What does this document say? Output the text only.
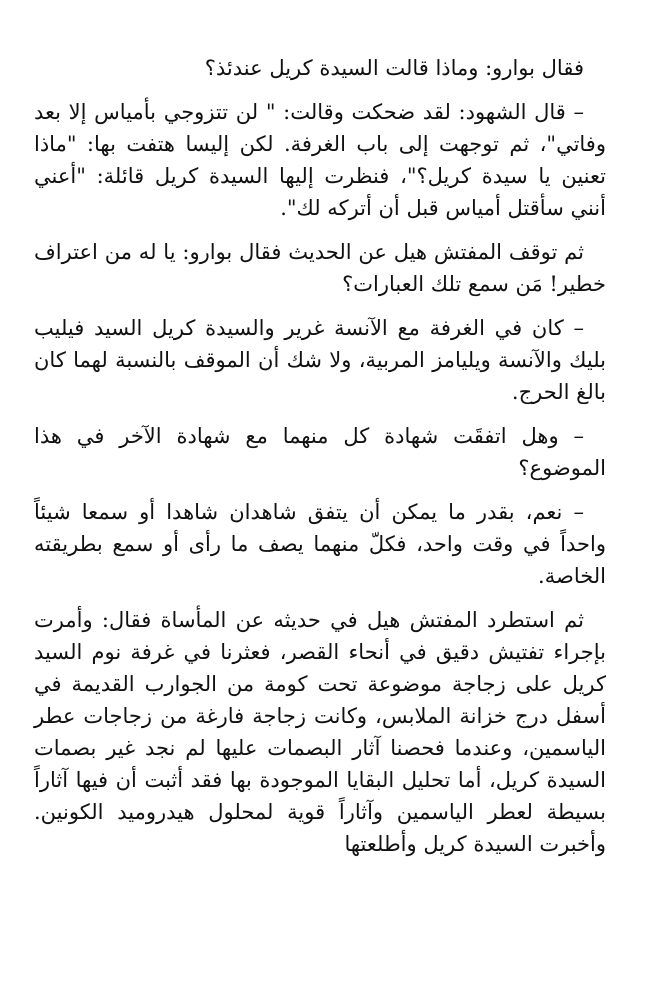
فقال بوارو: وماذا قالت السيدة كريل عندئذ؟

– قال الشهود: لقد ضحكت وقالت: " لن تتزوجي بأمياس إلا بعد وفاتي"، ثم توجهت إلى باب الغرفة. لكن إليسا هتفت بها: "ماذا تعنين يا سيدة كريل؟"، فنظرت إليها السيدة كريل قائلة: "أعني أنني سأقتل أمياس قبل أن أتركه لك".

ثم توقف المفتش هيل عن الحديث فقال بوارو: يا له من اعتراف خطير! مَن سمع تلك العبارات؟

– كان في الغرفة مع الآنسة غرير والسيدة كريل السيد فيليب بليك والآنسة ويليامز المربية، ولا شك أن الموقف بالنسبة لهما كان بالغ الحرج.

– وهل اتفقَت شهادة كل منهما مع شهادة الآخر في هذا الموضوع؟

– نعم، بقدر ما يمكن أن يتفق شاهدان شاهدا أو سمعا شيئاً واحداً في وقت واحد، فكلّ منهما يصف ما رأى أو سمع بطريقته الخاصة.

ثم استطرد المفتش هيل في حديثه عن المأساة فقال: وأمرت بإجراء تفتيش دقيق في أنحاء القصر، فعثرنا في غرفة نوم السيد كريل على زجاجة موضوعة تحت كومة من الجوارب القديمة في أسفل درج خزانة الملابس، وكانت زجاجة فارغة من زجاجات عطر الياسمين، وعندما فحصنا آثار البصمات عليها لم نجد غير بصمات السيدة كريل، أما تحليل البقايا الموجودة بها فقد أثبت أن فيها آثاراً بسيطة لعطر الياسمين وآثاراً قوية لمحلول هيدروميد الكونين. وأخبرت السيدة كريل وأطلعتها
